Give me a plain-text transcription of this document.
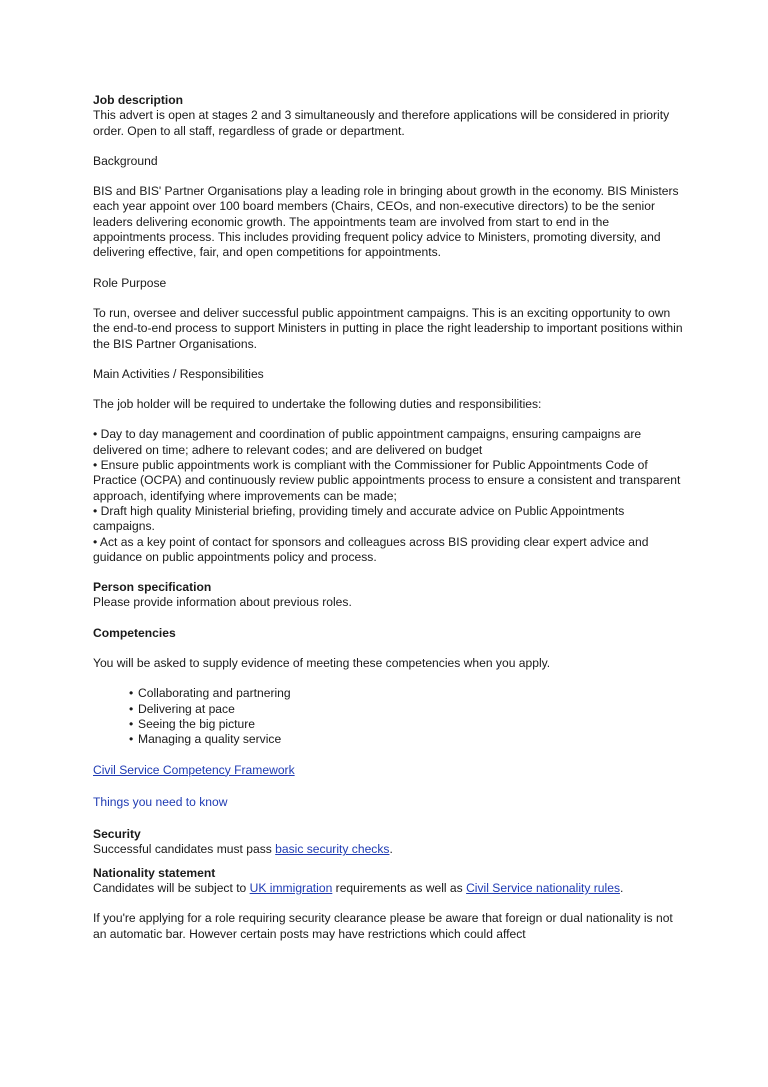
Job description

This advert is open at stages 2 and 3 simultaneously and therefore applications will be considered in priority order. Open to all staff, regardless of grade or department.

Background

BIS and BIS' Partner Organisations play a leading role in bringing about growth in the economy. BIS Ministers each year appoint over 100 board members (Chairs, CEOs, and non-executive directors) to be the senior leaders delivering economic growth. The appointments team are involved from start to end in the appointments process. This includes providing frequent policy advice to Ministers, promoting diversity, and delivering effective, fair, and open competitions for appointments.

Role Purpose

To run, oversee and deliver successful public appointment campaigns. This is an exciting opportunity to own the end-to-end process to support Ministers in putting in place the right leadership to important positions within the BIS Partner Organisations.

Main Activities / Responsibilities

The job holder will be required to undertake the following duties and responsibilities:

• Day to day management and coordination of public appointment campaigns, ensuring campaigns are delivered on time; adhere to relevant codes; and are delivered on budget

• Ensure public appointments work is compliant with the Commissioner for Public Appointments Code of Practice (OCPA) and continuously review public appointments process to ensure a consistent and transparent approach, identifying where improvements can be made;

• Draft high quality Ministerial briefing, providing timely and accurate advice on Public Appointments campaigns.

• Act as a key point of contact for sponsors and colleagues across BIS providing clear expert advice and guidance on public appointments policy and process.

Person specification

Please provide information about previous roles.

Competencies

You will be asked to supply evidence of meeting these competencies when you apply.

• Collaborating and partnering
• Delivering at pace
• Seeing the big picture
• Managing a quality service

Civil Service Competency Framework

Things you need to know

Security

Successful candidates must pass basic security checks.

Nationality statement

Candidates will be subject to UK immigration requirements as well as Civil Service nationality rules.

If you're applying for a role requiring security clearance please be aware that foreign or dual nationality is not an automatic bar. However certain posts may have restrictions which could affect
